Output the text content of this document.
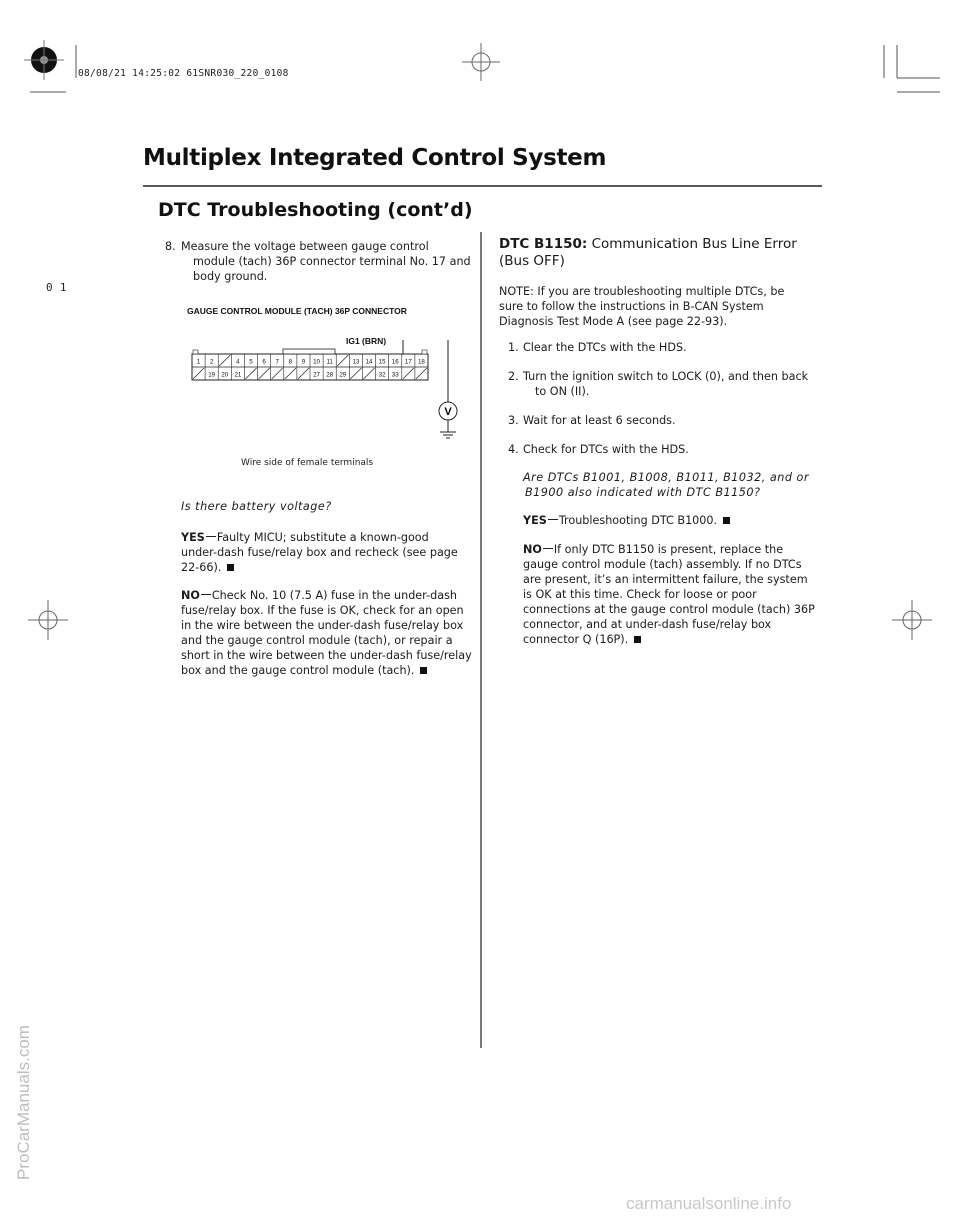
08/08/21 14:25:02 61SNR030_220_0108
0 1
Multiplex Integrated Control System
DTC Troubleshooting (cont’d)
8. Measure the voltage between gauge control
module (tach) 36P connector terminal No. 17 and
body ground.
GAUGE CONTROL MODULE (TACH) 36P CONNECTOR
IG1 (BRN)
1 2	4 5 6 7 8 9 10 11	13 14 15 16 17 18
19 20 21	27 28 29	32 33
V
Wire side of female terminals
Is there battery voltage?
YES Faulty MICU; substitute a known-good
under-dash fuse/relay box and recheck (see page
22-66).
NO Check No. 10 (7.5 A) fuse in the under-dash
fuse/relay box. If the fuse is OK, check for an open
in the wire between the under-dash fuse/relay box
and the gauge control module (tach), or repair a
short in the wire between the under-dash fuse/relay
box and the gauge control module (tach).
DTC B1150: Communication Bus Line Error
(Bus OFF)
NOTE: If you are troubleshooting multiple DTCs, be
sure to follow the instructions in B-CAN System
Diagnosis Test Mode A (see page 22-93).
1. Clear the DTCs with the HDS.
2. Turn the ignition switch to LOCK (0), and then back
to ON (II).
3. Wait for at least 6 seconds.
4. Check for DTCs with the HDS.
Are DTCs B1001, B1008, B1011, B1032, and or
B1900 also indicated with DTC B1150?
YES Troubleshooting DTC B1000.
NO If only DTC B1150 is present, replace the
gauge control module (tach) assembly. If no DTCs
are present, it’s an intermittent failure, the system
is OK at this time. Check for loose or poor
connections at the gauge control module (tach) 36P
connector, and at under-dash fuse/relay box
connector Q (16P).
ProCarManuals.com
carmanualsonline.info
